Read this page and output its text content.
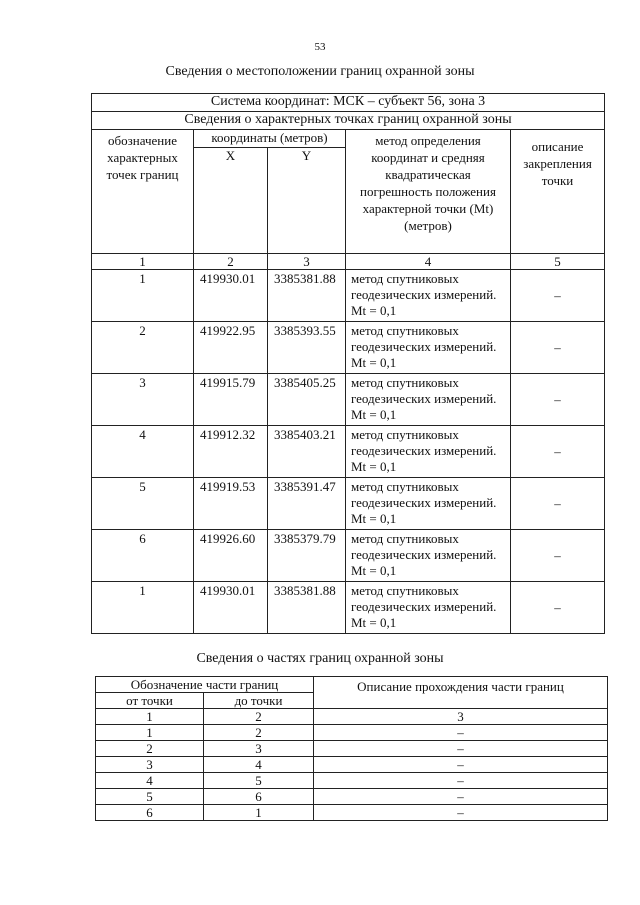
53
Сведения о местоположении границ охранной зоны
Система координат: МСК – субъект 56, зона 3				
Сведения о характерных точках границ охранной зоны				
обозначение характерных точек границ	координаты (метров)		метод определения координат и средняя квадратическая погрешность положения характерной точки (Mt) (метров)	описание закрепления точки
	X	Y		
1	2	3	4	5
1	419930.01	3385381.88	метод спутниковых геодезических измерений. Mt = 0,1	–
2	419922.95	3385393.55	метод спутниковых геодезических измерений. Mt = 0,1	–
3	419915.79	3385405.25	метод спутниковых геодезических измерений. Mt = 0,1	–
4	419912.32	3385403.21	метод спутниковых геодезических измерений. Mt = 0,1	–
5	419919.53	3385391.47	метод спутниковых геодезических измерений. Mt = 0,1	–
6	419926.60	3385379.79	метод спутниковых геодезических измерений. Mt = 0,1	–
1	419930.01	3385381.88	метод спутниковых геодезических измерений. Mt = 0,1	–
Сведения о частях границ охранной зоны
Обозначение части границ		Описание прохождения части границ
от точки	до точки	
1	2	3
1	2	–
2	3	–
3	4	–
4	5	–
5	6	–
6	1	–
